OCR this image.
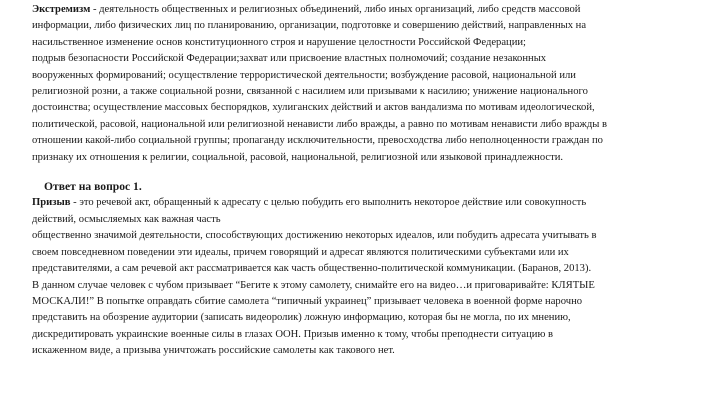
Экстремизм - деятельность общественных и религиозных объединений, либо иных организаций, либо средств массовой
информации, либо физических лиц по планированию, организации, подготовке и совершению действий, направленных на
насильственное изменение основ конституционного строя и нарушение целостности Российской Федерации;
подрыв безопасности Российской Федерации;захват или присвоение властных полномочий; создание незаконных
вооруженных формирований; осуществление террористической деятельности; возбуждение расовой, национальной или
религиозной розни, а также социальной розни, связанной с насилием или призывами к насилию; унижение национального
достоинства; осуществление массовых беспорядков, хулиганских действий и актов вандализма по мотивам идеологической,
политической, расовой, национальной или религиозной ненависти либо вражды, а равно по мотивам ненависти либо вражды в
отношении какой-либо социальной группы; пропаганду исключительности, превосходства либо неполноценности граждан по
признаку их отношения к религии, социальной, расовой, национальной, религиозной или языковой принадлежности.
Ответ на вопрос 1.
Призыв - это речевой акт, обращенный к адресату с целью побудить его выполнить некоторое действие или совокупность
действий, осмысляемых как важная часть
общественно значимой деятельности, способствующих достижению некоторых идеалов, или побудить адресата учитывать в
своем повседневном поведении эти идеалы, причем говорящий и адресат являются политическими субъектами или их
представителями, а сам речевой акт рассматривается как часть общественно-политической коммуникации. (Баранов, 2013).
В данном случае человек с чубом призывает “Бегите к этому самолету, снимайте его на видео…и приговаривайте: КЛЯТЫЕ
МОСКАЛИ!” В попытке оправдать сбитие самолета “типичный украинец” призывает человека в военной форме нарочно
представить на обозрение аудитории (записать видеоролик) ложную информацию, которая бы не могла, по их мнению,
дискредитировать украинские военные силы в глазах ООН. Призыв именно к тому, чтобы преподнести ситуацию в
искаженном виде, а призыва уничтожать российские самолеты как такового нет.
